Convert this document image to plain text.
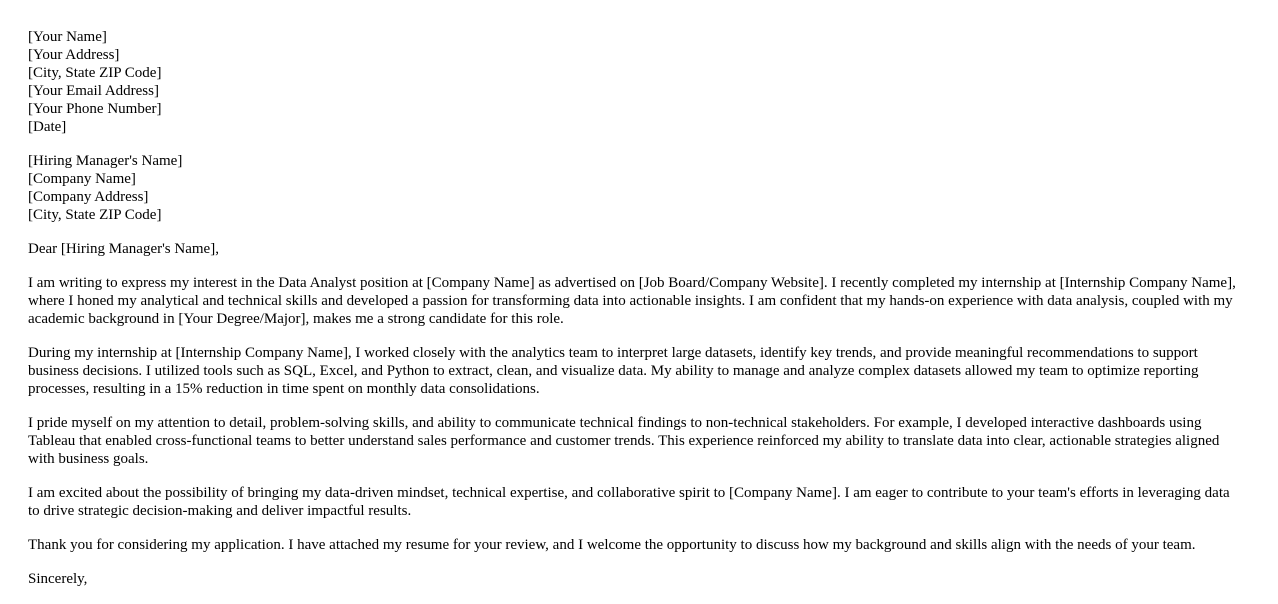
[Your Name]
[Your Address]
[City, State ZIP Code]
[Your Email Address]
[Your Phone Number]
[Date]
[Hiring Manager's Name]
[Company Name]
[Company Address]
[City, State ZIP Code]

Dear [Hiring Manager's Name],

I am writing to express my interest in the Data Analyst position at [Company Name] as advertised on [Job Board/Company Website]. I recently completed my internship at [Internship Company Name], where I honed my analytical and technical skills and developed a passion for transforming data into actionable insights. I am confident that my hands-on experience with data analysis, coupled with my academic background in [Your Degree/Major], makes me a strong candidate for this role.

During my internship at [Internship Company Name], I worked closely with the analytics team to interpret large datasets, identify key trends, and provide meaningful recommendations to support business decisions. I utilized tools such as SQL, Excel, and Python to extract, clean, and visualize data. My ability to manage and analyze complex datasets allowed my team to optimize reporting processes, resulting in a 15% reduction in time spent on monthly data consolidations.

I pride myself on my attention to detail, problem-solving skills, and ability to communicate technical findings to non-technical stakeholders. For example, I developed interactive dashboards using Tableau that enabled cross-functional teams to better understand sales performance and customer trends. This experience reinforced my ability to translate data into clear, actionable strategies aligned with business goals.

I am excited about the possibility of bringing my data-driven mindset, technical expertise, and collaborative spirit to [Company Name]. I am eager to contribute to your team's efforts in leveraging data to drive strategic decision-making and deliver impactful results.

Thank you for considering my application. I have attached my resume for your review, and I welcome the opportunity to discuss how my background and skills align with the needs of your team.

Sincerely,
